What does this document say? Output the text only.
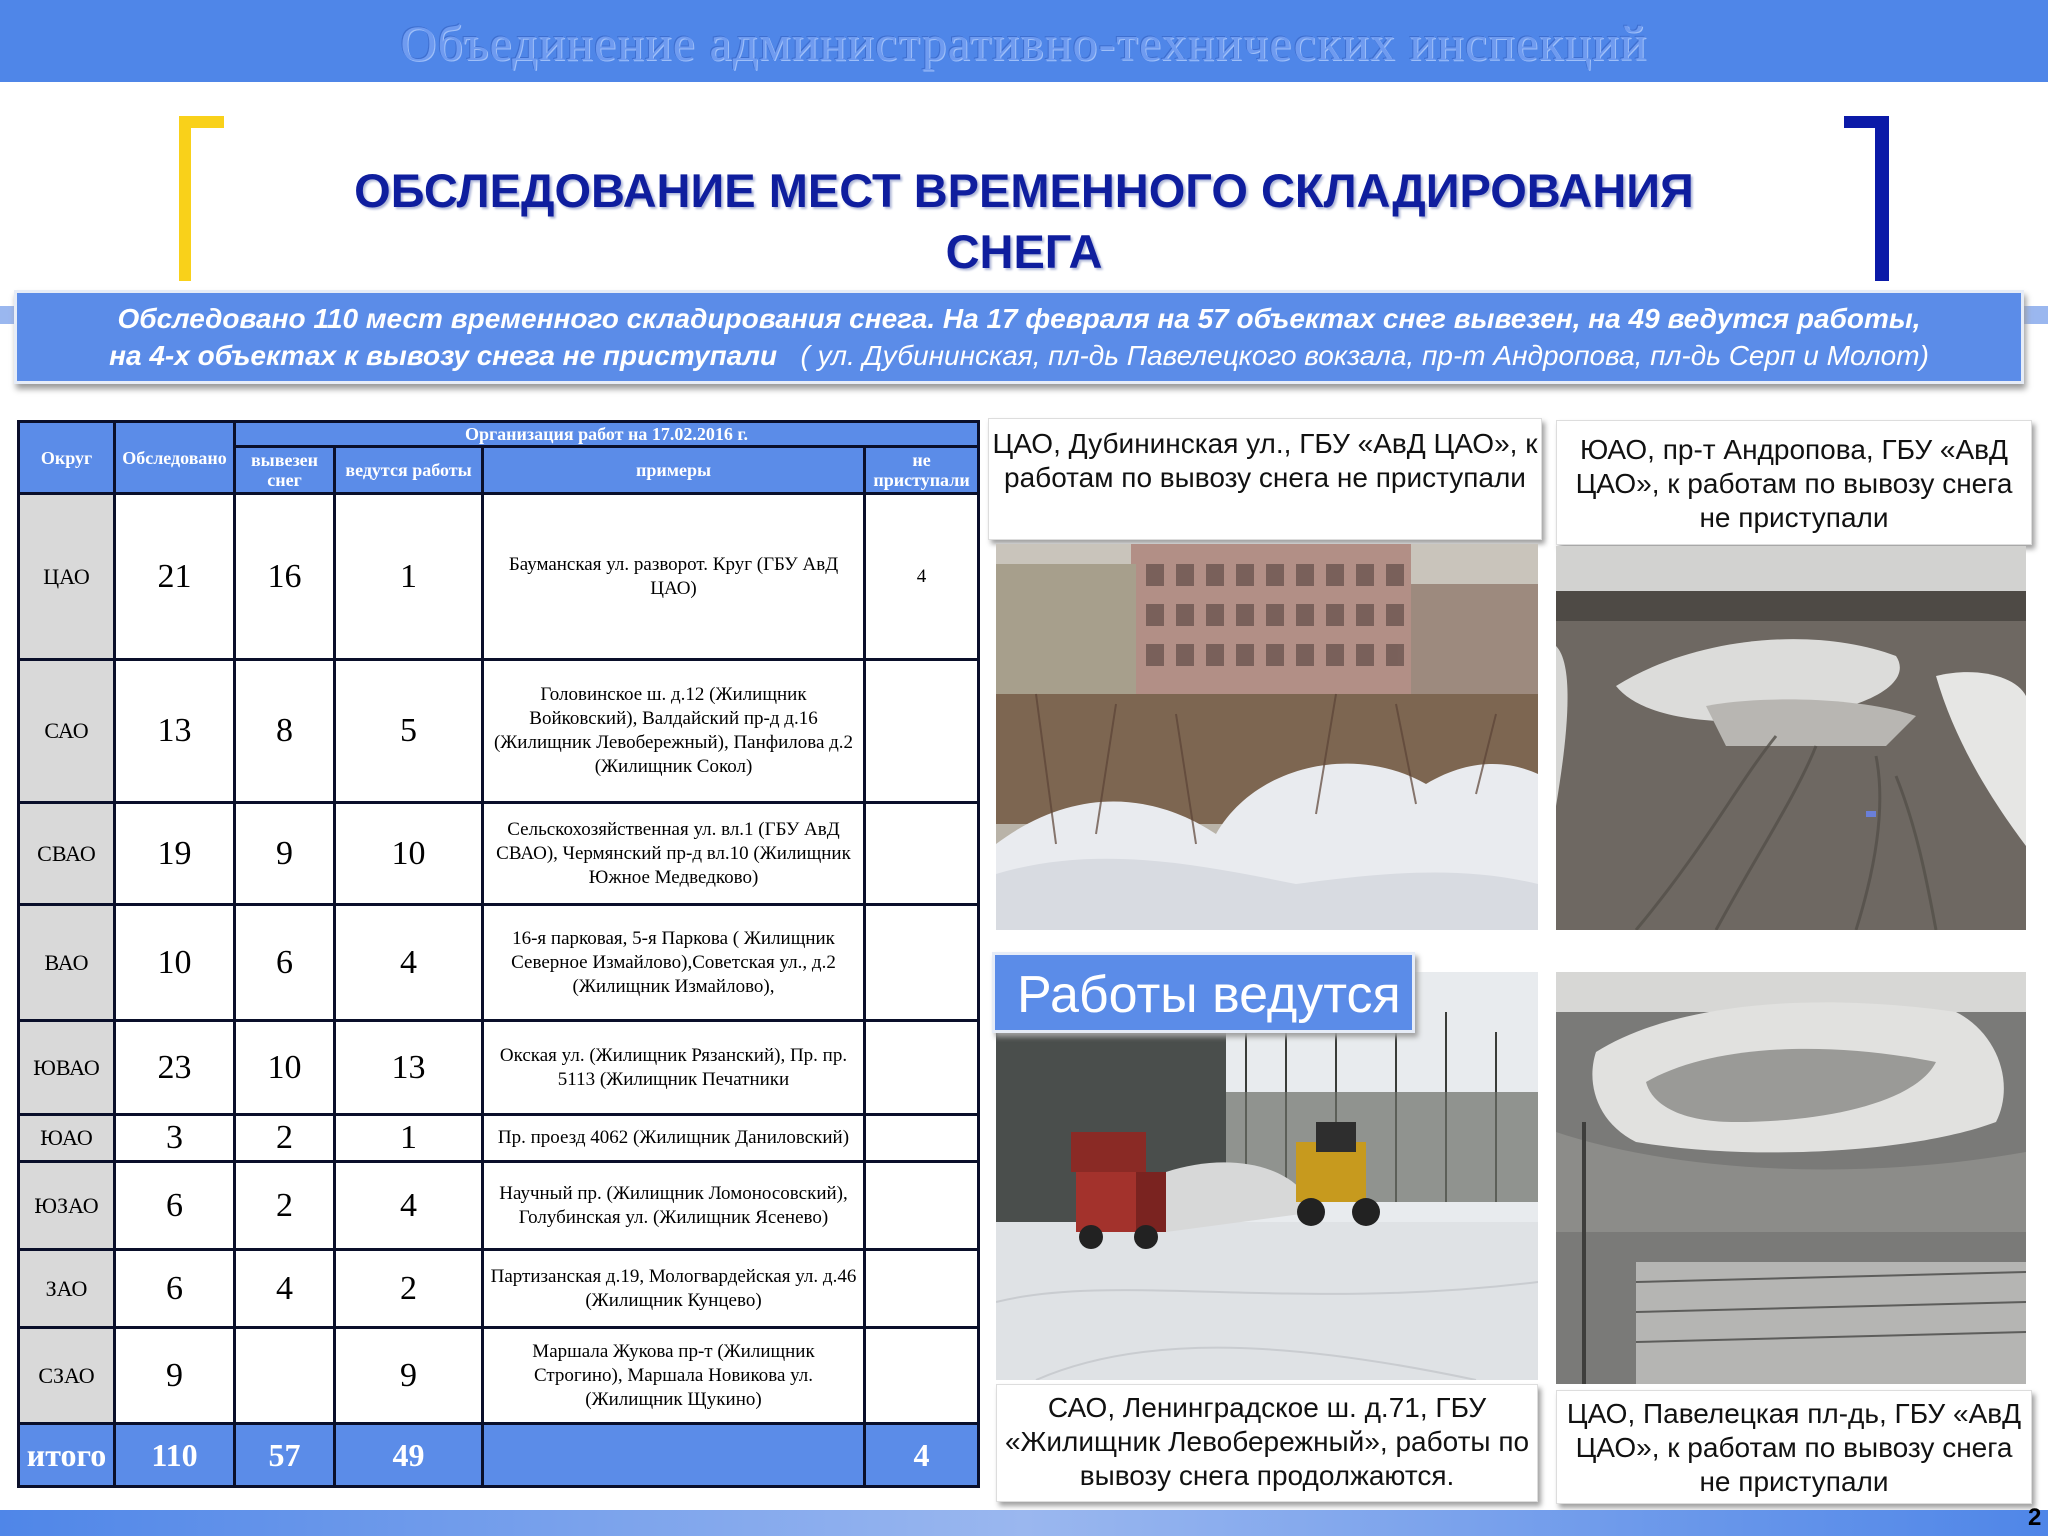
Объединение административно-технических инспекций
ОБСЛЕДОВАНИЕ МЕСТ ВРЕМЕННОГО СКЛАДИРОВАНИЯ
СНЕГА
Обследовано 110 мест временного складирования снега. На 17 февраля на 57 объектах снег вывезен, на 49 ведутся работы,
на 4-х объектах к вывозу снега не приступали ( ул. Дубининская, пл-дь Павелецкого вокзала, пр-т Андропова, пл-дь Серп и Молот)
Округ	Обследовано	Организация работ на 17.02.2016 г.			
		вывезен снег	ведутся работы	примеры	не приступали
ЦАО	21	16	1	Бауманская ул. разворот. Круг (ГБУ АвД ЦАО)	4
САО	13	8	5	Головинское ш. д.12 (Жилищник Войковский), Валдайский пр-д д.16 (Жилищник Левобережный), Панфилова д.2 (Жилищник Сокол)	
СВАО	19	9	10	Сельскохозяйственная ул. вл.1 (ГБУ АвД СВАО), Чермянский пр-д вл.10 (Жилищник Южное Медведково)	
ВАО	10	6	4	16-я парковая, 5-я Паркова ( Жилищник Северное Измайлово),Советская ул., д.2 (Жилищник Измайлово),	
ЮВАО	23	10	13	Окская ул. (Жилищник Рязанский), Пр. пр. 5113 (Жилищник Печатники	
ЮАО	3	2	1	Пр. проезд 4062 (Жилищник Даниловский)	
ЮЗАО	6	2	4	Научный пр. (Жилищник Ломоносовский), Голубинская ул. (Жилищник Ясенево)	
ЗАО	6	4	2	Партизанская д.19, Мологвардейская ул. д.46 (Жилищник Кунцево)	
СЗАО	9		9	Маршала Жукова пр-т (Жилищник Строгино), Маршала Новикова ул. (Жилищник Щукино)	
итого	110	57	49		4
ЦАО, Дубининская ул., ГБУ «АвД ЦАО», к работам по вывозу снега не приступали
ЮАО, пр-т Андропова, ГБУ «АвД ЦАО», к работам по вывозу снега не приступали
Работы ведутся
САО, Ленинградское ш. д.71, ГБУ «Жилищник Левобережный», работы по вывозу снега продолжаются.
ЦАО, Павелецкая пл-дь, ГБУ «АвД ЦАО», к работам по вывозу снега не приступали
2
